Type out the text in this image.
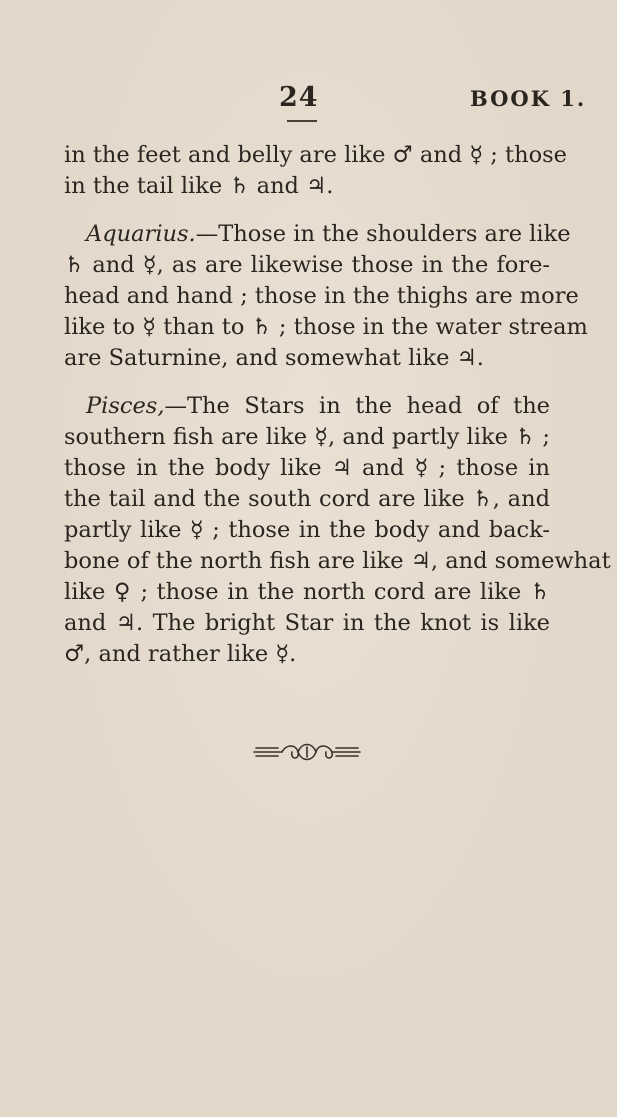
24	BOOK 1.
in the feet and belly are like ♂ and ☿ ; those
in the tail like ♄ and ♃.
Aquarius.—Those in the shoulders are like
♄ and ☿, as are likewise those in the fore-
head and hand ; those in the thighs are more
like to ☿ than to ♄ ; those in the water stream
are Saturnine, and somewhat like ♃.
Pisces,—The Stars in the head of the
southern fish are like ☿, and partly like ♄ ;
those in the body like ♃ and ☿ ; those in
the tail and the south cord are like ♄, and
partly like ☿ ; those in the body and back-
bone of the north fish are like ♃, and somewhat
like ♀ ; those in the north cord are like ♄
and ♃. The bright Star in the knot is like
♂, and rather like ☿.
